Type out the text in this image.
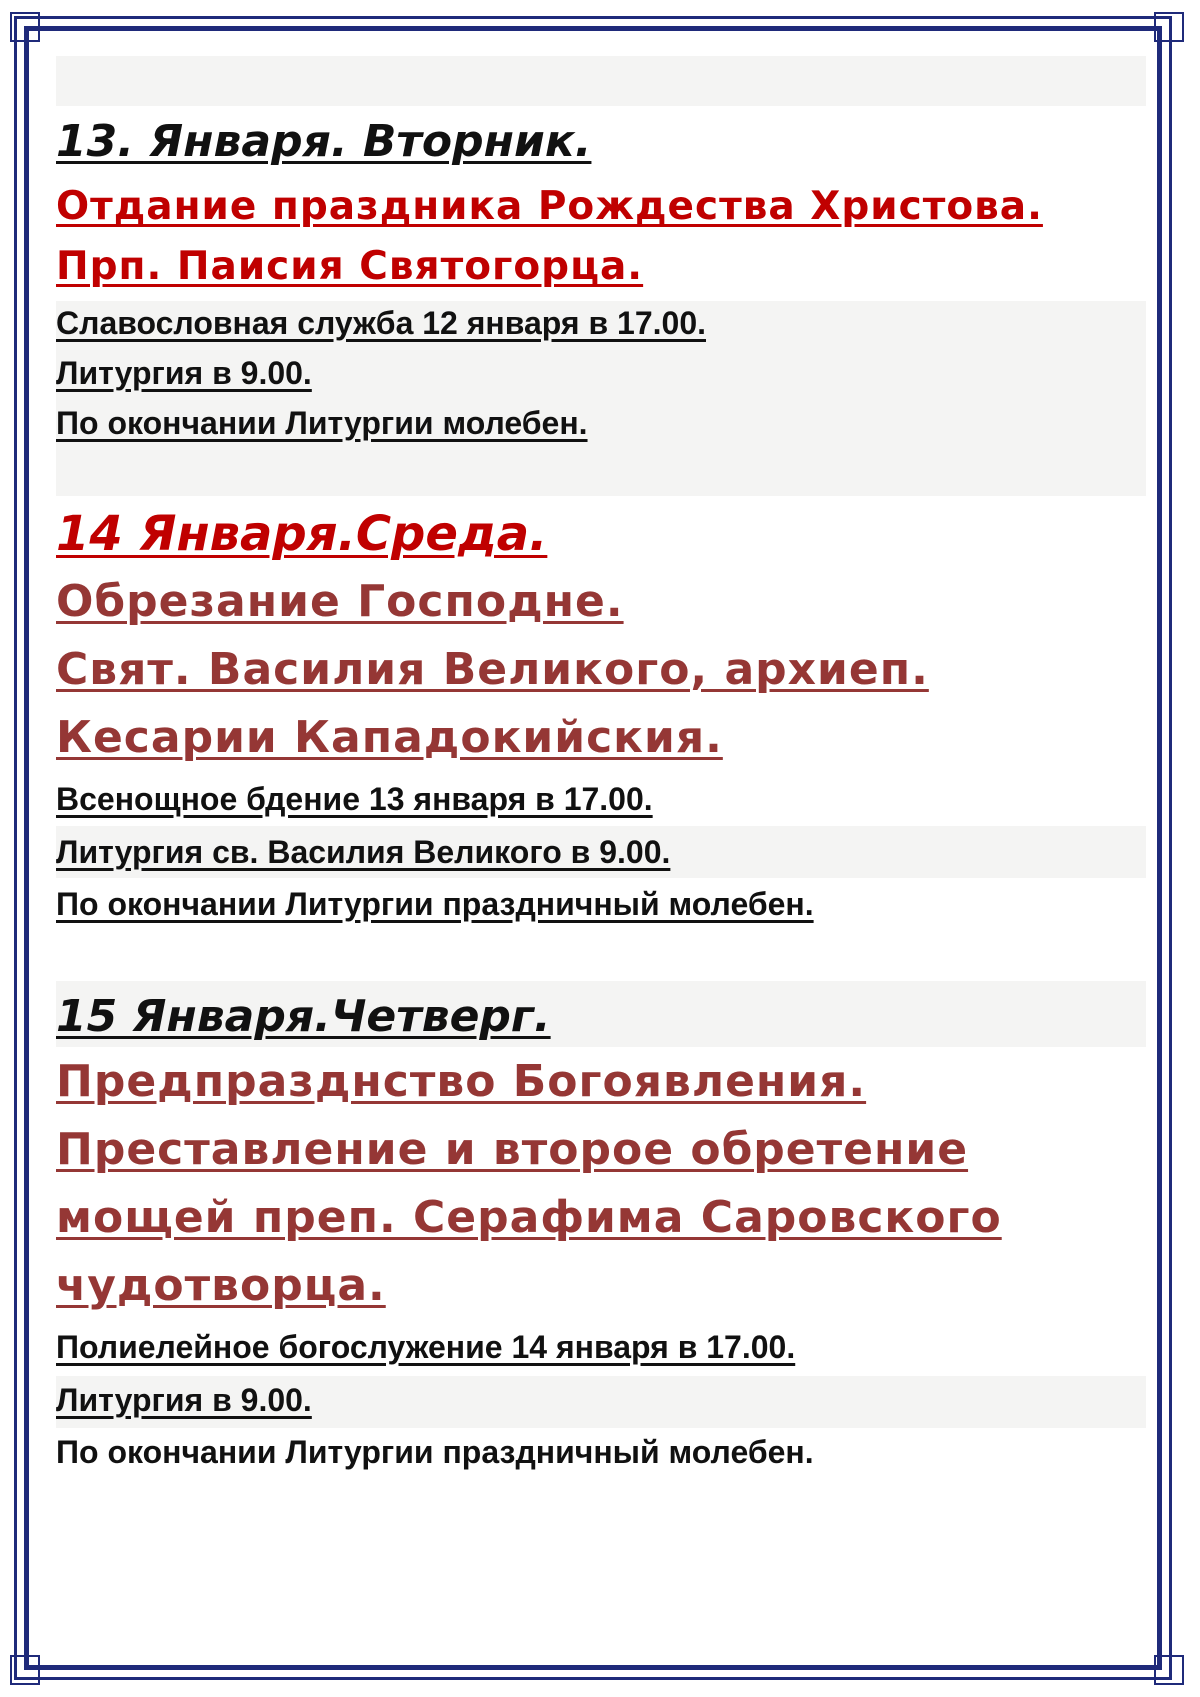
13. Января. Вторник.
Отдание праздника Рождества Христова.
Прп. Паисия Святогорца.
Славословная служба 12 января в 17.00.
Литургия в 9.00.
По окончании Литургии молебен.
14 Января.Среда.
Обрезание Господне.
Свят. Василия Великого, архиеп.
Кесарии Кападокийския.
Всенощное бдение 13 января в 17.00.
Литургия св. Василия Великого в 9.00.
По окончании Литургии праздничный молебен.
15 Января.Четверг.
Предпразднство Богоявления.
Преставление и второе обретение
мощей преп. Серафима Саровского
чудотворца.
Полиелейное богослужение 14 января в 17.00.
Литургия в 9.00.
По окончании Литургии праздничный молебен.
